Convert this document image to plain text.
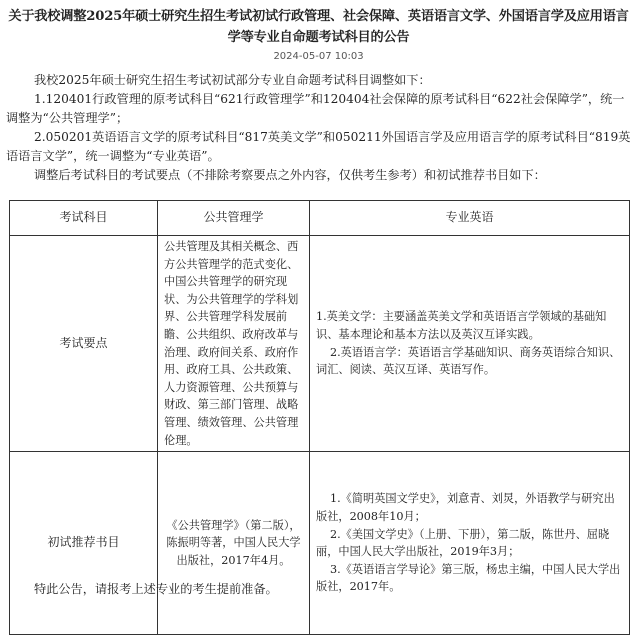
关于我校调整2025年硕士研究生招生考试初试行政管理、社会保障、英语语言文学、外国语言学及应用语言学等专业自命题考试科目的公告
2024-05-07 10:03

我校2025年硕士研究生招生考试初试部分专业自命题考试科目调整如下：

1.120401行政管理的原考试科目“621行政管理学”和120404社会保障的原考试科目“622社会保障学”，统一调整为“公共管理学”；

2.050201英语语言文学的原考试科目“817英美文学”和050211外国语言学及应用语言学的原考试科目“819英语语言文学”，统一调整为“专业英语”。

调整后考试科目的考试要点（不排除考察要点之外内容，仅供考生参考）和初试推荐书目如下：

考试科目	公共管理学	专业英语
考试要点	公共管理及其相关概念、西方公共管理学的范式变化、中国公共管理学的研究现状、为公共管理学的学科划界、公共管理学科发展前瞻、公共组织、政府改革与治理、政府间关系、政府作用、政府工具、公共政策、人力资源管理、公共预算与财政、第三部门管理、战略管理、绩效管理、公共管理伦理。	1.英美文学：主要涵盖英美文学和英语语言学领域的基础知识、基本理论和基本方法以及英汉互译实践。
2.英语语言学：英语语言学基础知识、商务英语综合知识、词汇、阅读、英汉互译、英语写作。

初试推荐书目	《公共管理学》（第二版），陈振明等著，中国人民大学出版社，2017年4月。	1.《简明英国文学史》，刘意青、刘炅，外语教学与研究出版社，2008年10月；
2.《美国文学史》（上册、下册），第二版，陈世丹、屈晓丽，中国人民大学出版社，2019年3月；
3.《英语语言学导论》第三版，杨忠主编，中国人民大学出版社，2017年。
特此公告，请报考上述专业的考生提前准备。
